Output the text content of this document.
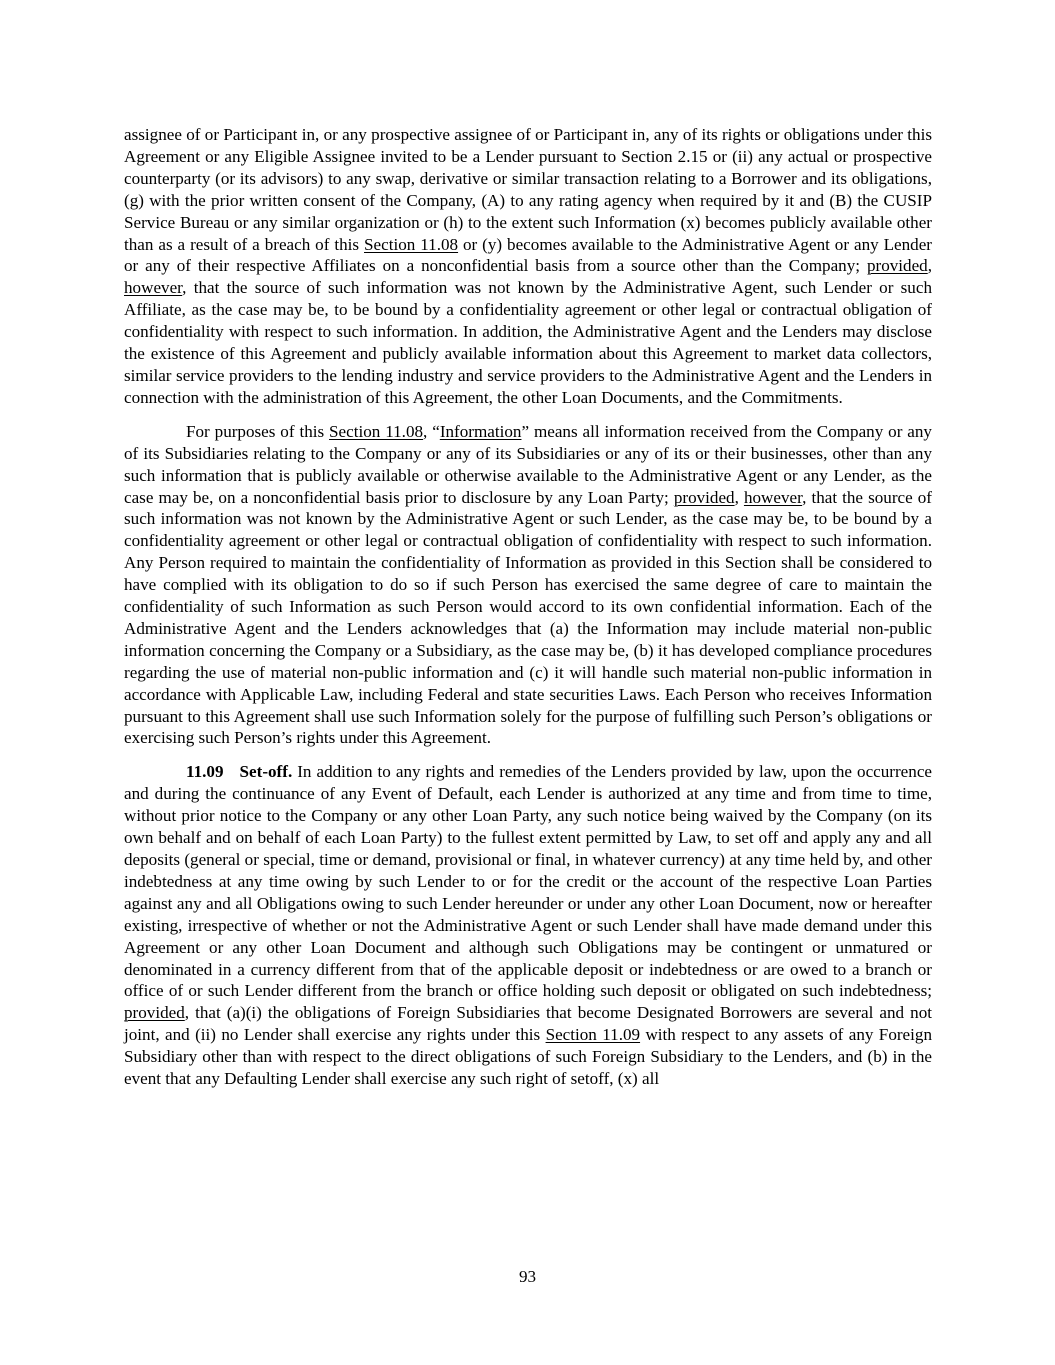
assignee of or Participant in, or any prospective assignee of or Participant in, any of its rights or obligations under this Agreement or any Eligible Assignee invited to be a Lender pursuant to Section 2.15 or (ii) any actual or prospective counterparty (or its advisors) to any swap, derivative or similar transaction relating to a Borrower and its obligations, (g) with the prior written consent of the Company, (A) to any rating agency when required by it and (B) the CUSIP Service Bureau or any similar organization or (h) to the extent such Information (x) becomes publicly available other than as a result of a breach of this Section 11.08 or (y) becomes available to the Administrative Agent or any Lender or any of their respective Affiliates on a nonconfidential basis from a source other than the Company; provided, however, that the source of such information was not known by the Administrative Agent, such Lender or such Affiliate, as the case may be, to be bound by a confidentiality agreement or other legal or contractual obligation of confidentiality with respect to such information. In addition, the Administrative Agent and the Lenders may disclose the existence of this Agreement and publicly available information about this Agreement to market data collectors, similar service providers to the lending industry and service providers to the Administrative Agent and the Lenders in connection with the administration of this Agreement, the other Loan Documents, and the Commitments.

For purposes of this Section 11.08, “Information” means all information received from the Company or any of its Subsidiaries relating to the Company or any of its Subsidiaries or any of its or their businesses, other than any such information that is publicly available or otherwise available to the Administrative Agent or any Lender, as the case may be, on a nonconfidential basis prior to disclosure by any Loan Party; provided, however, that the source of such information was not known by the Administrative Agent or such Lender, as the case may be, to be bound by a confidentiality agreement or other legal or contractual obligation of confidentiality with respect to such information. Any Person required to maintain the confidentiality of Information as provided in this Section shall be considered to have complied with its obligation to do so if such Person has exercised the same degree of care to maintain the confidentiality of such Information as such Person would accord to its own confidential information. Each of the Administrative Agent and the Lenders acknowledges that (a) the Information may include material non-public information concerning the Company or a Subsidiary, as the case may be, (b) it has developed compliance procedures regarding the use of material non-public information and (c) it will handle such material non-public information in accordance with Applicable Law, including Federal and state securities Laws. Each Person who receives Information pursuant to this Agreement shall use such Information solely for the purpose of fulfilling such Person’s obligations or exercising such Person’s rights under this Agreement.

11.09 Set-off. In addition to any rights and remedies of the Lenders provided by law, upon the occurrence and during the continuance of any Event of Default, each Lender is authorized at any time and from time to time, without prior notice to the Company or any other Loan Party, any such notice being waived by the Company (on its own behalf and on behalf of each Loan Party) to the fullest extent permitted by Law, to set off and apply any and all deposits (general or special, time or demand, provisional or final, in whatever currency) at any time held by, and other indebtedness at any time owing by such Lender to or for the credit or the account of the respective Loan Parties against any and all Obligations owing to such Lender hereunder or under any other Loan Document, now or hereafter existing, irrespective of whether or not the Administrative Agent or such Lender shall have made demand under this Agreement or any other Loan Document and although such Obligations may be contingent or unmatured or denominated in a currency different from that of the applicable deposit or indebtedness or are owed to a branch or office of or such Lender different from the branch or office holding such deposit or obligated on such indebtedness; provided, that (a)(i) the obligations of Foreign Subsidiaries that become Designated Borrowers are several and not joint, and (ii) no Lender shall exercise any rights under this Section 11.09 with respect to any assets of any Foreign Subsidiary other than with respect to the direct obligations of such Foreign Subsidiary to the Lenders, and (b) in the event that any Defaulting Lender shall exercise any such right of setoff, (x) all

93
